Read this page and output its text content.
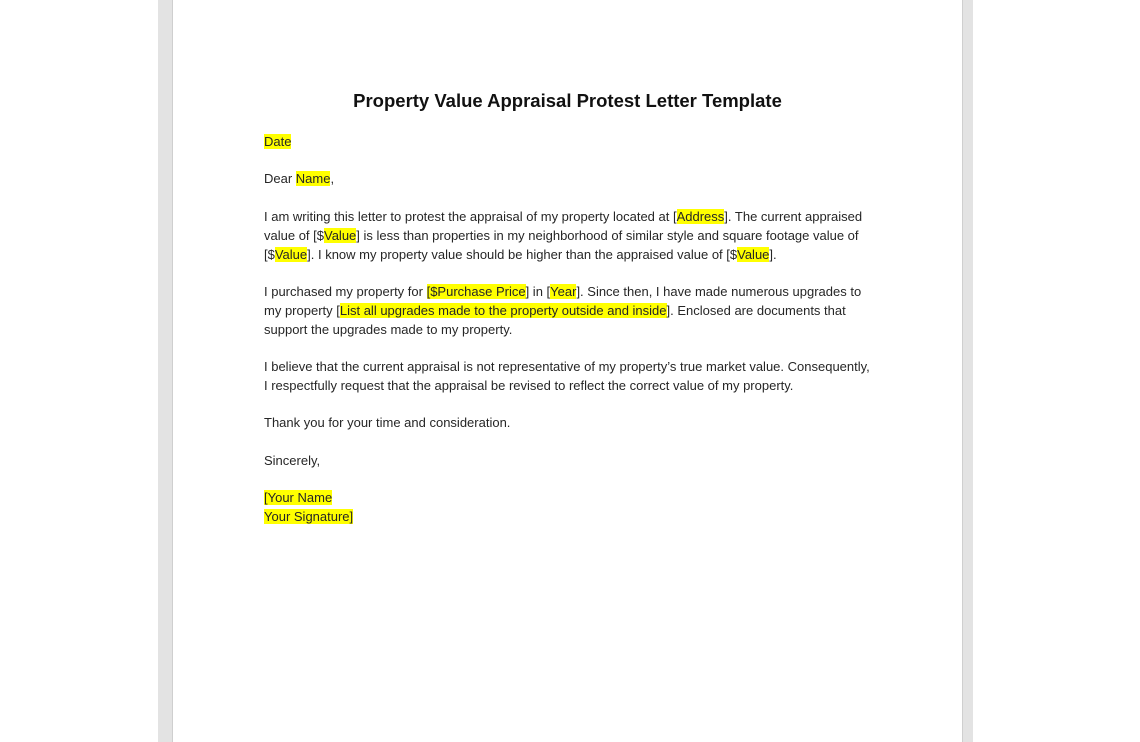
Property Value Appraisal Protest Letter Template

Date

Dear Name,

I am writing this letter to protest the appraisal of my property located at [Address]. The current appraised value of [$Value] is less than properties in my neighborhood of similar style and square footage value of [$Value]. I know my property value should be higher than the appraised value of [$Value].

I purchased my property for [$Purchase Price] in [Year]. Since then, I have made numerous upgrades to my property [List all upgrades made to the property outside and inside]. Enclosed are documents that support the upgrades made to my property.

I believe that the current appraisal is not representative of my property’s true market value. Consequently, I respectfully request that the appraisal be revised to reflect the correct value of my property.

Thank you for your time and consideration.

Sincerely,

[Your Name
Your Signature]
